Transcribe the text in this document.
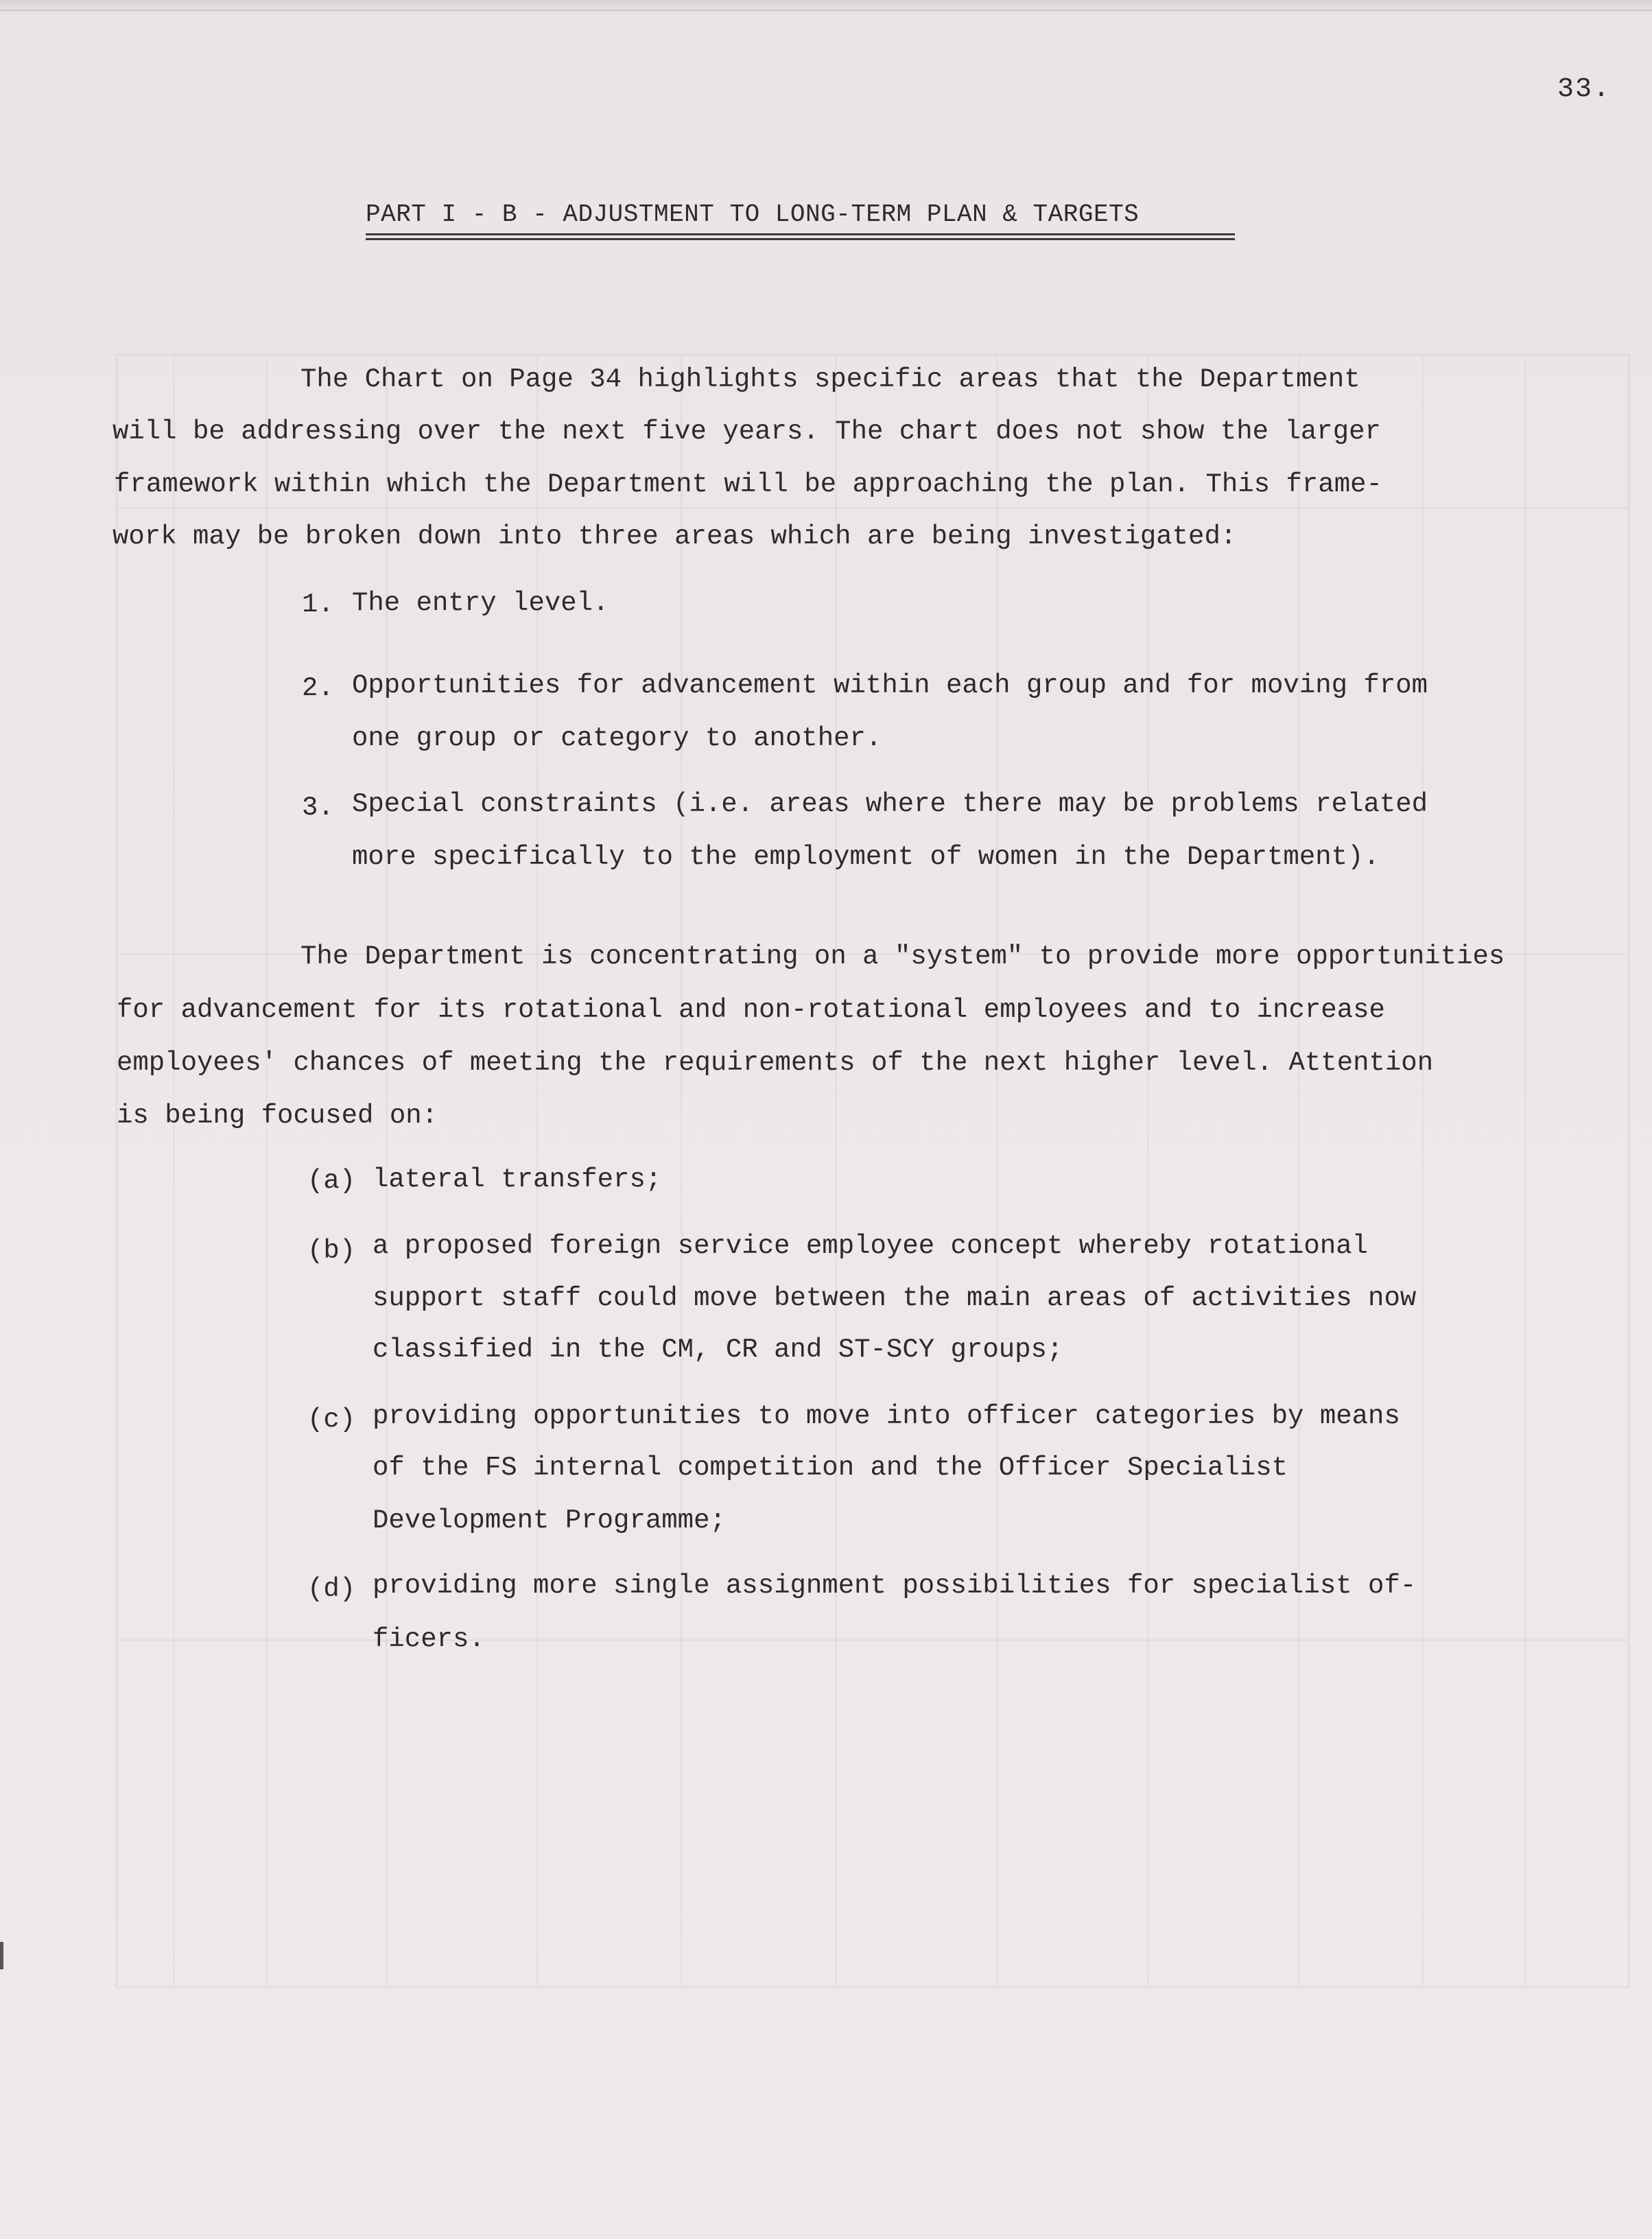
33.
PART I - B - ADJUSTMENT TO LONG-TERM PLAN & TARGETS
The Chart on Page 34 highlights specific areas that the Department
will be addressing over the next five years. The chart does not show the larger
framework within which the Department will be approaching the plan. This frame-
work may be broken down into three areas which are being investigated:
1. The entry level.
2. Opportunities for advancement within each group and for moving from
one group or category to another.
3. Special constraints (i.e. areas where there may be problems related
more specifically to the employment of women in the Department).
The Department is concentrating on a "system" to provide more opportunities
for advancement for its rotational and non-rotational employees and to increase
employees' chances of meeting the requirements of the next higher level. Attention
is being focused on:
(a) lateral transfers;
(b) a proposed foreign service employee concept whereby rotational
support staff could move between the main areas of activities now
classified in the CM, CR and ST-SCY groups;
(c) providing opportunities to move into officer categories by means
of the FS internal competition and the Officer Specialist
Development Programme;
(d) providing more single assignment possibilities for specialist of-
ficers.
